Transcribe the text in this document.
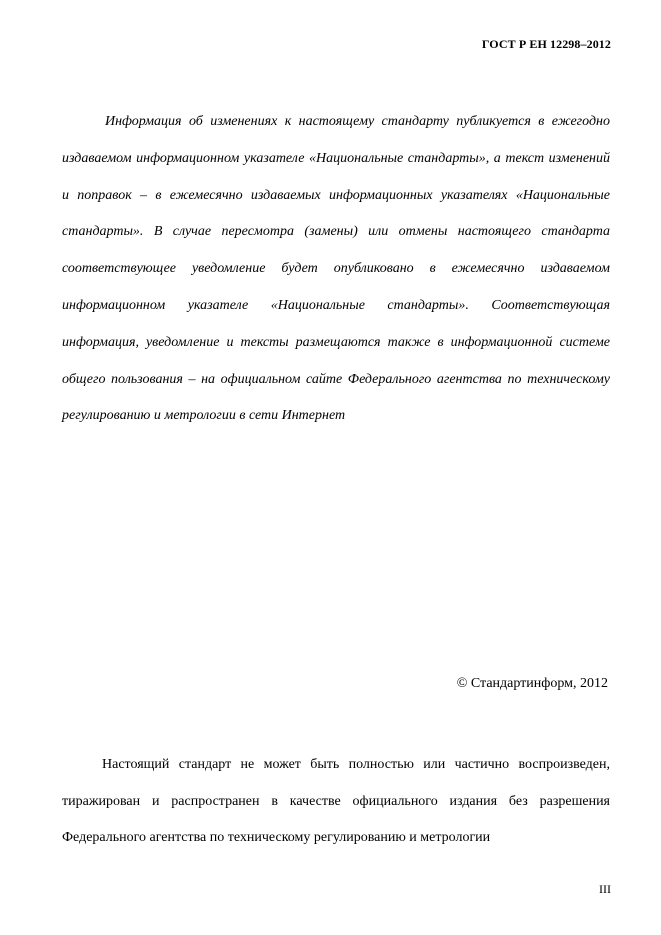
ГОСТ Р ЕН 12298–2012

Информация об изменениях к настоящему стандарту публикуется в ежегодно издаваемом информационном указателе «Национальные стандарты», а текст изменений и поправок – в ежемесячно издаваемых информационных указателях «Национальные стандарты». В случае пересмотра (замены) или отмены настоящего стандарта соответствующее уведомление будет опубликовано в ежемесячно издаваемом информационном указателе «Национальные стандарты». Соответствующая информация, уведомление и тексты размещаются также в информационной системе общего пользования – на официальном сайте Федерального агентства по техническому регулированию и метрологии в сети Интернет

© Стандартинформ, 2012

Настоящий стандарт не может быть полностью или частично воспроизведен, тиражирован и распространен в качестве официального издания без разрешения Федерального агентства по техническому регулированию и метрологии

III
